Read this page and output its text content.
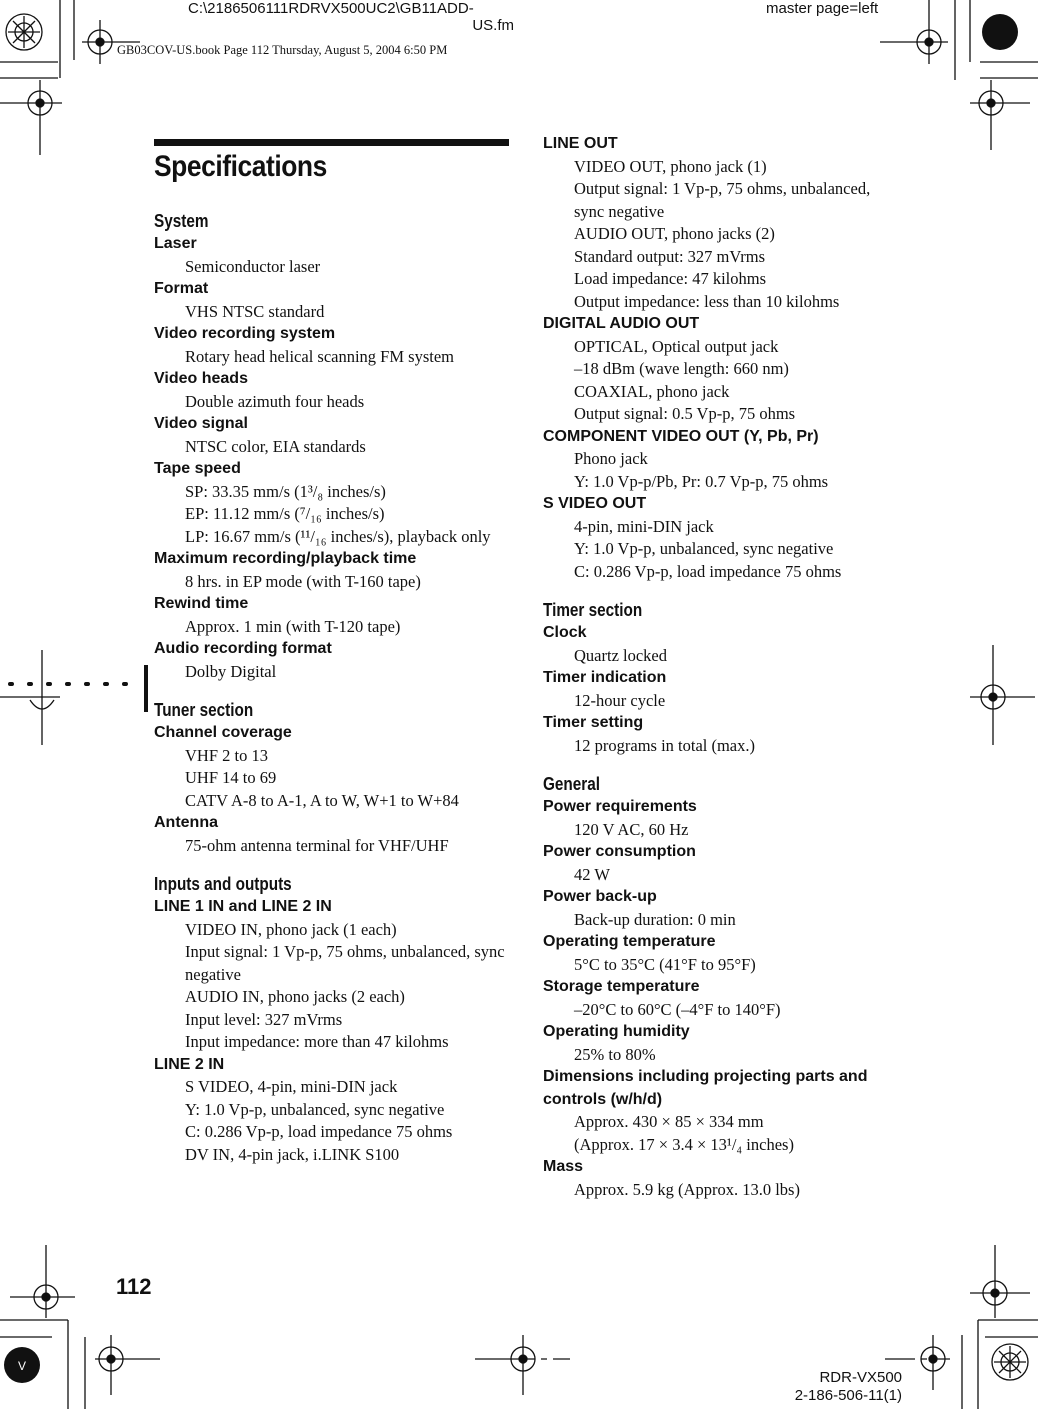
V
C:\2186506111RDRVX500UC2\GB11ADD-
US.fm
master page=left
GB03COV-US.book Page 112 Thursday, August 5, 2004 6:50 PM
Specifications
System
Laser
Semiconductor laser
Format
VHS NTSC standard
Video recording system
Rotary head helical scanning FM system
Video heads
Double azimuth four heads
Video signal
NTSC color, EIA standards
Tape speed
SP: 33.35 mm/s (1³/₈ inches/s)
EP: 11.12 mm/s (⁷/₁₆ inches/s)
LP: 16.67 mm/s (¹¹/₁₆ inches/s), playback only
Maximum recording/playback time
8 hrs. in EP mode (with T-160 tape)
Rewind time
Approx. 1 min (with T-120 tape)
Audio recording format
Dolby Digital
Tuner section
Channel coverage
VHF 2 to 13
UHF 14 to 69
CATV A-8 to A-1, A to W, W+1 to W+84
Antenna
75-ohm antenna terminal for VHF/UHF
Inputs and outputs
LINE 1 IN and LINE 2 IN
VIDEO IN, phono jack (1 each)
Input signal: 1 Vp-p, 75 ohms, unbalanced, sync negative
AUDIO IN, phono jacks (2 each)
Input level: 327 mVrms
Input impedance: more than 47 kilohms
LINE 2 IN
S VIDEO, 4-pin, mini-DIN jack
Y: 1.0 Vp-p, unbalanced, sync negative
C: 0.286 Vp-p, load impedance 75 ohms
DV IN, 4-pin jack, i.LINK S100
LINE OUT
VIDEO OUT, phono jack (1)
Output signal: 1 Vp-p, 75 ohms, unbalanced, sync negative
AUDIO OUT, phono jacks (2)
Standard output: 327 mVrms
Load impedance: 47 kilohms
Output impedance: less than 10 kilohms
DIGITAL AUDIO OUT
OPTICAL, Optical output jack
–18 dBm (wave length: 660 nm)
COAXIAL, phono jack
Output signal: 0.5 Vp-p, 75 ohms
COMPONENT VIDEO OUT (Y, Pb, Pr)
Phono jack
Y: 1.0 Vp-p/Pb, Pr: 0.7 Vp-p, 75 ohms
S VIDEO OUT
4-pin, mini-DIN jack
Y: 1.0 Vp-p, unbalanced, sync negative
C: 0.286 Vp-p, load impedance 75 ohms
Timer section
Clock
Quartz locked
Timer indication
12-hour cycle
Timer setting
12 programs in total (max.)
General
Power requirements
120 V AC, 60 Hz
Power consumption
42 W
Power back-up
Back-up duration: 0 min
Operating temperature
5°C to 35°C (41°F to 95°F)
Storage temperature
–20°C to 60°C (–4°F to 140°F)
Operating humidity
25% to 80%
Dimensions including projecting parts and controls (w/h/d)
Approx. 430 × 85 × 334 mm
(Approx. 17 × 3.4 × 13¹/₄ inches)
Mass
Approx. 5.9 kg (Approx. 13.0 lbs)
112
RDR-VX500
2-186-506-11(1)
